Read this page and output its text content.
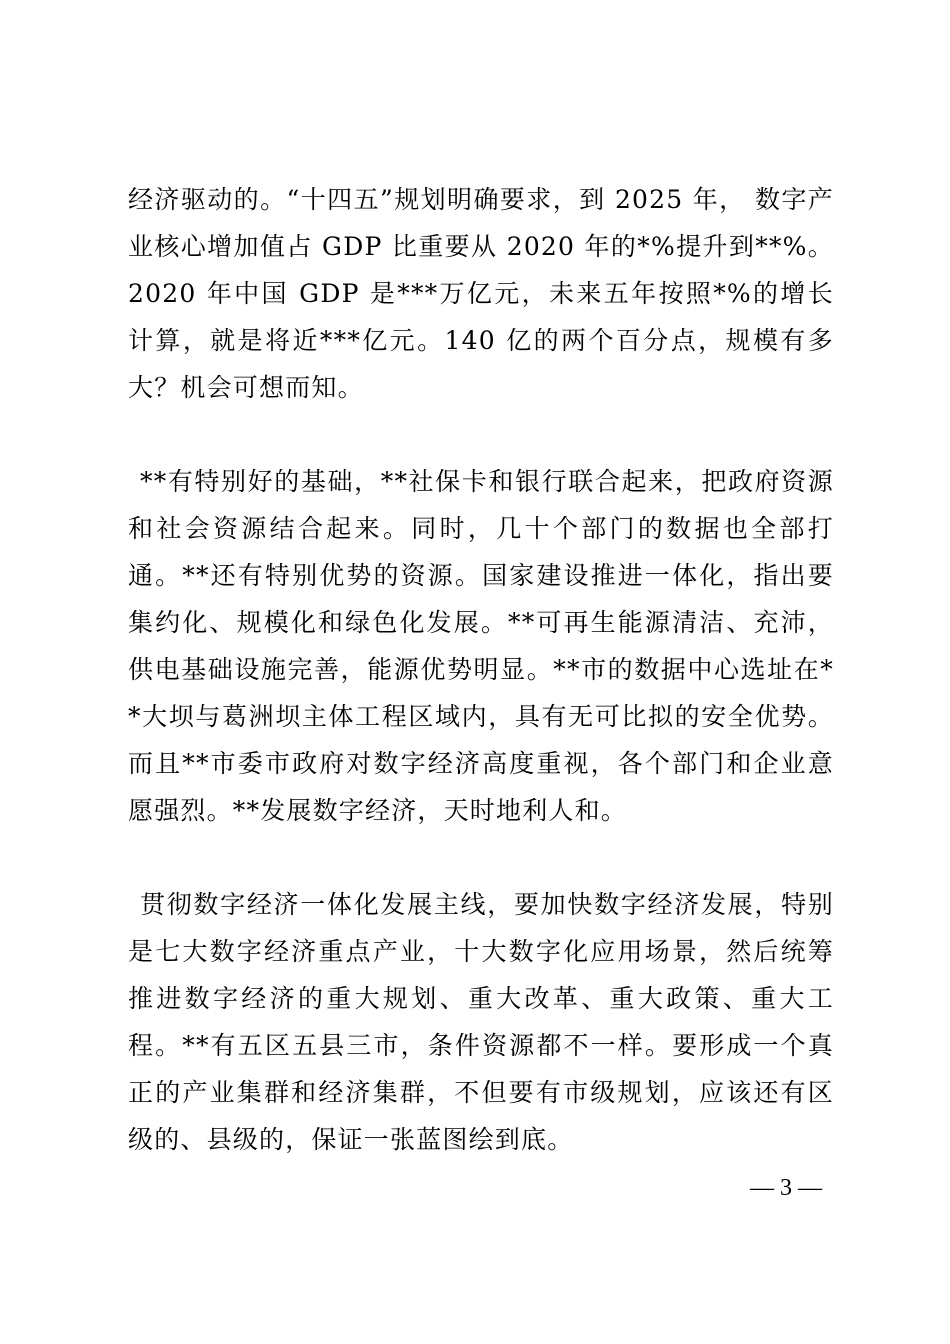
经济驱动的。“十四五”规划明确要求，到 2025 年， 数字产业核心增加值占 GDP 比重要从 2020 年的*%提升到**%。2020 年中国 GDP 是***万亿元，未来五年按照*%的增长计算，就是将近***亿元。140 亿的两个百分点，规模有多大？机会可想而知。

**有特别好的基础，**社保卡和银行联合起来，把政府资源和社会资源结合起来。同时，几十个部门的数据也全部打通。**还有特别优势的资源。国家建设推进一体化，指出要集约化、规模化和绿色化发展。**可再生能源清洁、充沛，供电基础设施完善，能源优势明显。**市的数据中心选址在**大坝与葛洲坝主体工程区域内，具有无可比拟的安全优势。而且**市委市政府对数字经济高度重视，各个部门和企业意愿强烈。**发展数字经济，天时地利人和。

贯彻数字经济一体化发展主线，要加快数字经济发展，特别是七大数字经济重点产业，十大数字化应用场景，然后统筹推进数字经济的重大规划、重大改革、重大政策、重大工程。**有五区五县三市，条件资源都不一样。要形成一个真正的产业集群和经济集群，不但要有市级规划，应该还有区级的、县级的，保证一张蓝图绘到底。

— 3 —
